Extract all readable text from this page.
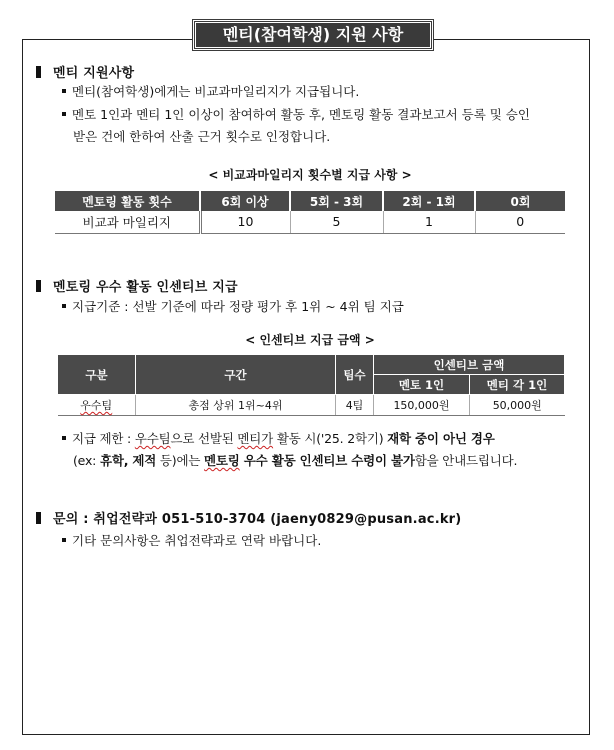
멘티(참여학생) 지원 사항
멘티 지원사항
멘티(참여학생)에게는 비교과마일리지가 지급됩니다.
멘토 1인과 멘티 1인 이상이 참여하여 활동 후, 멘토링 활동 결과보고서 등록 및 승인
받은 건에 한하여 산출 근거 횟수로 인정합니다.
< 비교과마일리지 횟수별 지급 사항 >
멘토링 활동 횟수	6회 이상	5회 - 3회	2회 - 1회	0회
비교과 마일리지	10	5	1	0
멘토링 우수 활동 인센티브 지급
지급기준 : 선발 기준에 따라 정량 평가 후 1위 ~ 4위 팀 지급
< 인센티브 지급 금액 >
구분	구간	팀수	인센티브 금액	
			멘토 1인	멘티 각 1인
우수팀	총점 상위 1위~4위	4팀	150,000원	50,000원
지급 제한 : 우수팀으로 선발된 멘티가 활동 시('25. 2학기) 재학 중이 아닌 경우
(ex: 휴학, 제적 등)에는 멘토링 우수 활동 인센티브 수령이 불가함을 안내드립니다.
문의 : 취업전략과 051-510-3704 (jaeny0829@pusan.ac.kr)
기타 문의사항은 취업전략과로 연락 바랍니다.
